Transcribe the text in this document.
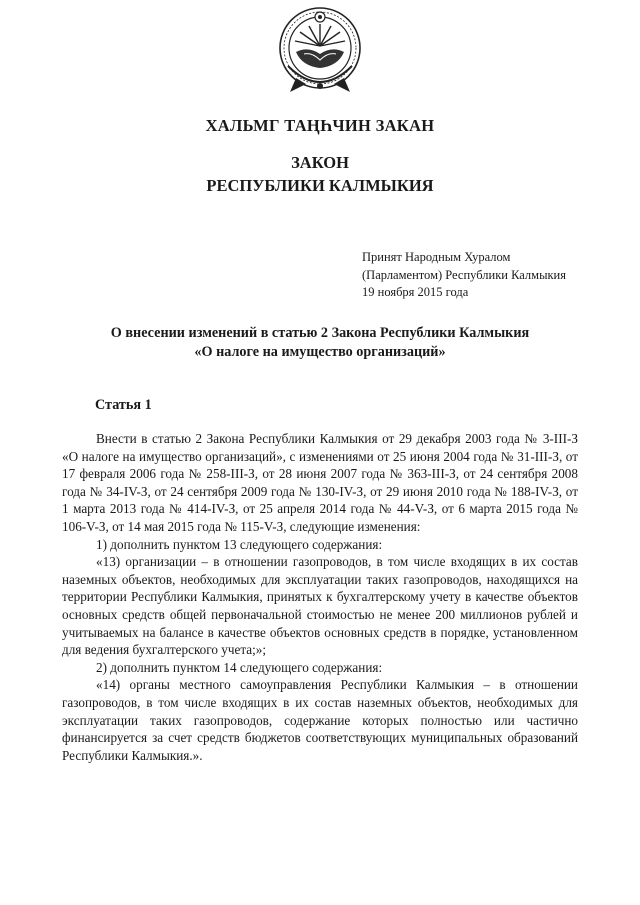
ХАЛЬМГ ТАҢҺЧИН ЗАКАН
ЗАКОН
РЕСПУБЛИКИ КАЛМЫКИЯ
Принят Народным Хуралом
(Парламентом) Республики Калмыкия
19 ноября 2015 года
О внесении изменений в статью 2 Закона Республики Калмыкия
«О налоге на имущество организаций»
Статья 1

Внести в статью 2 Закона Республики Калмыкия от 29 декабря 2003 года № 3-III-З «О налоге на имущество организаций», с изменениями от 25 июня 2004 года № 31-III-З, от 17 февраля 2006 года № 258-III-З, от 28 июня 2007 года № 363-III-З, от 24 сентября 2008 года № 34-IV-З, от 24 сентября 2009 года № 130-IV-З, от 29 июня 2010 года № 188-IV-З, от 1 марта 2013 года № 414-IV-З, от 25 апреля 2014 года № 44-V-З, от 6 марта 2015 года № 106-V-З, от 14 мая 2015 года № 115-V-З, следующие изменения:

1) дополнить пунктом 13 следующего содержания:

«13) организации – в отношении газопроводов, в том числе входящих в их состав наземных объектов, необходимых для эксплуатации таких газопроводов, находящихся на территории Республики Калмыкия, принятых к бухгалтерскому учету в качестве объектов основных средств общей первоначальной стоимостью не менее 200 миллионов рублей и учитываемых на балансе в качестве объектов основных средств в порядке, установленном для ведения бухгалтерского учета;»;

2) дополнить пунктом 14 следующего содержания:

«14) органы местного самоуправления Республики Калмыкия – в отношении газопроводов, в том числе входящих в их состав наземных объектов, необходимых для эксплуатации таких газопроводов, содержание которых полностью или частично финансируется за счет средств бюджетов соответствующих муниципальных образований Республики Калмыкия.».
